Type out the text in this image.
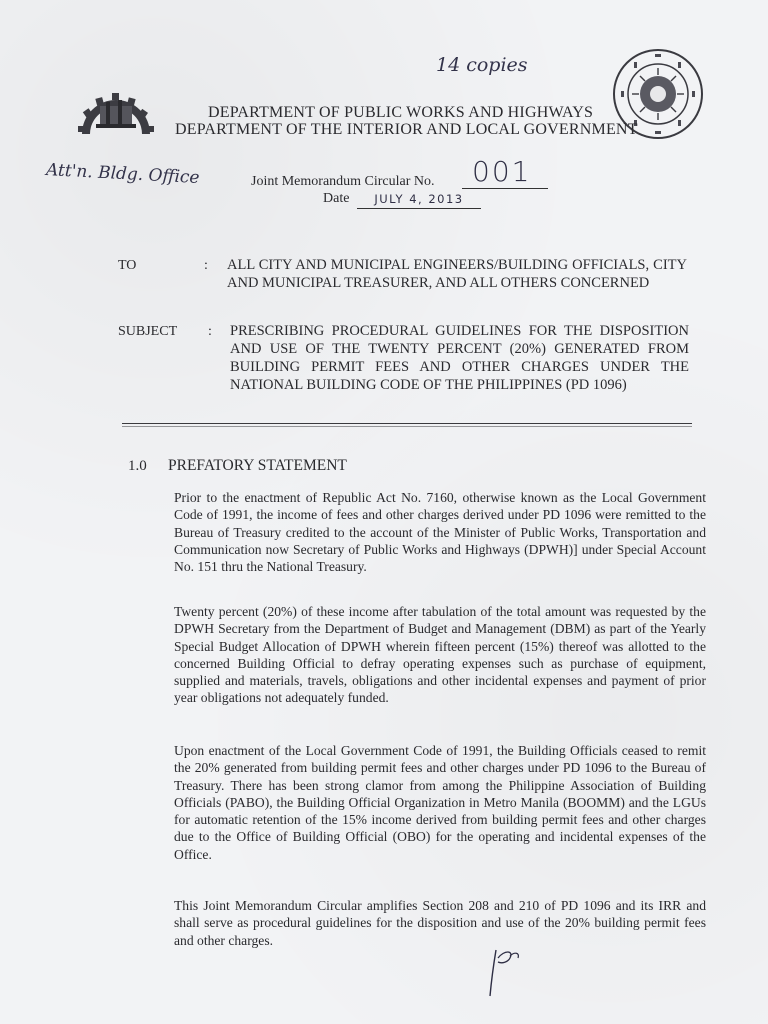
14 copies
DEPARTMENT OF PUBLIC WORKS AND HIGHWAYS
DEPARTMENT OF THE INTERIOR AND LOCAL GOVERNMENT
Att'n. Bldg. Office	Joint Memorandum Circular No.	001
Date	JULY 4, 2013
TO	: ALL CITY AND MUNICIPAL ENGINEERS/BUILDING OFFICIALS, CITY AND MUNICIPAL TREASURER, AND ALL OTHERS CONCERNED
SUBJECT : PRESCRIBING PROCEDURAL GUIDELINES FOR THE DISPOSITION AND USE OF THE TWENTY PERCENT (20%) GENERATED FROM BUILDING PERMIT FEES AND OTHER CHARGES UNDER THE NATIONAL BUILDING CODE OF THE PHILIPPINES (PD 1096)
1.0 PREFATORY STATEMENT
Prior to the enactment of Republic Act No. 7160, otherwise known as the Local Government Code of 1991, the income of fees and other charges derived under PD 1096 were remitted to the Bureau of Treasury credited to the account of the Minister of Public Works, Transportation and Communication now Secretary of Public Works and Highways (DPWH)] under Special Account No. 151 thru the National Treasury.
Twenty percent (20%) of these income after tabulation of the total amount was requested by the DPWH Secretary from the Department of Budget and Management (DBM) as part of the Yearly Special Budget Allocation of DPWH wherein fifteen percent (15%) thereof was allotted to the concerned Building Official to defray operating expenses such as purchase of equipment, supplied and materials, travels, obligations and other incidental expenses and payment of prior year obligations not adequately funded.
Upon enactment of the Local Government Code of 1991, the Building Officials ceased to remit the 20% generated from building permit fees and other charges under PD 1096 to the Bureau of Treasury. There has been strong clamor from among the Philippine Association of Building Officials (PABO), the Building Official Organization in Metro Manila (BOOMM) and the LGUs for automatic retention of the 15% income derived from building permit fees and other charges due to the Office of Building Official (OBO) for the operating and incidental expenses of the Office.
This Joint Memorandum Circular amplifies Section 208 and 210 of PD 1096 and its IRR and shall serve as procedural guidelines for the disposition and use of the 20% building permit fees and other charges.
